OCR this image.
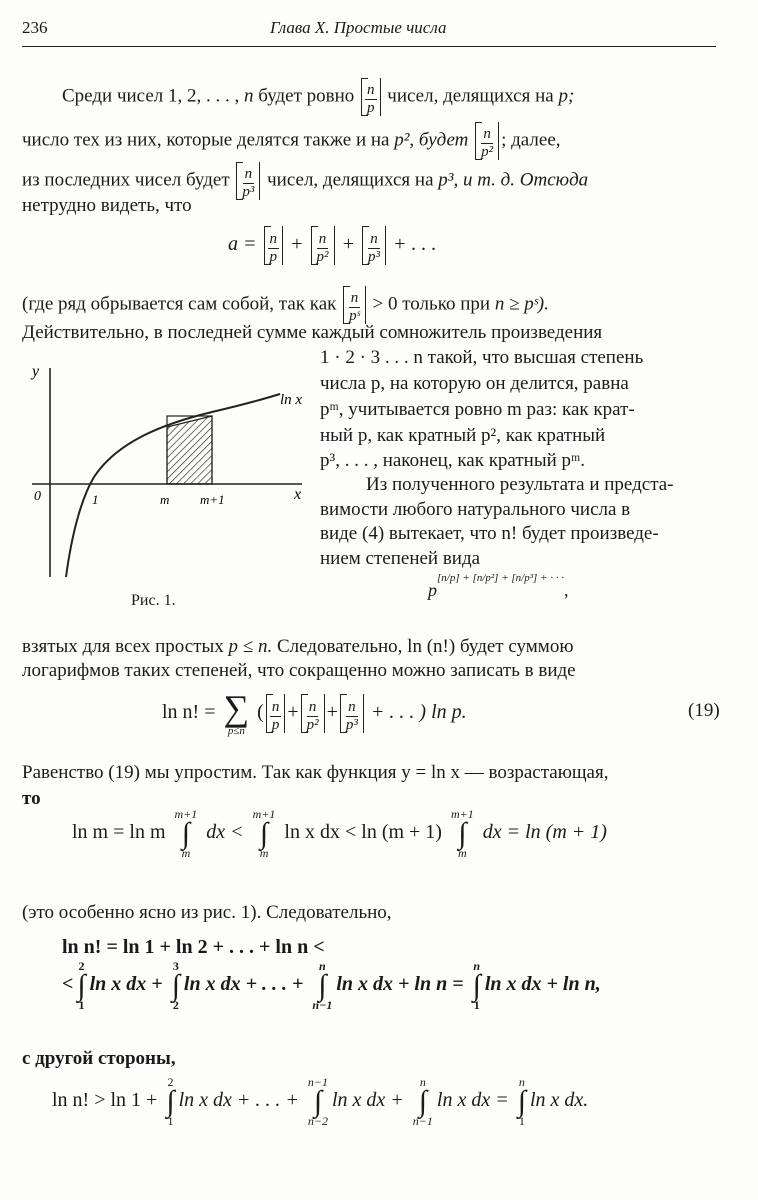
236	Глава X. Простые числа
Среди чисел 1, 2, . . . , n будет ровно $\frac{n}{p}$ чисел, делящихся на p;
число тех из них, которые делятся также и на p², будет $\frac{n}{\text{p²}}$ ; далее,
из последних чисел будет $\frac{n}{\text{p³}}$ чисел, делящихся на p³, и т. д. Отсюда
нетрудно видеть, что
$a = \frac{n}{p} + \frac{n}{\text{p²}} + \frac{n}{\text{p³}}$ + . . .
(где ряд обрывается сам собой, так как $\frac{n}{\text{pˢ}} > 0$ только при n ≥ pˢ).
Действительно, в последней сумме каждый сомножитель произведения
1 · 2 · 3 . . . n такой, что высшая степень
числа p, на которую он делится, равна
pᵐ, учитывается ровно m раз: как крат-
ный p, как кратный p², как кратный
p³, . . . , наконец, как кратный pᵐ.
Из полученного результата и предста-
вимости любого натурального числа в
виде (4) вытекает, что n! будет произведе-
нием степеней вида
y
x
ln x
0	1	m m+1
Рис. 1.
$p^{[n/p] + [n/p^2] + [n/p^3] + \cdot \cdot \cdot}$,
взятых для всех простых p ≤ n. Следовательно, ln (n!) будет суммою
логарифмов таких степеней, что сокращенно можно записать в виде
ln n! = ∑
p≤n
( $\frac{n}{p} + \frac{n}{\text{p²}} + \frac{n}{\text{p³}}$ + . . . ) ln p.	(19)
Равенство (19) мы упростим. Так как функция y = ln x — возрастающая,
то
ln m = ln m
m+1
∫
m
dx <
m+1
∫
m
ln x dx < ln (m + 1)
m+1
∫
m
dx = ln (m + 1)
(это особенно ясно из рис. 1). Следовательно,
ln n! = ln 1 + ln 2 + . . . + ln n <
<
2
∫
1
ln x dx +
3
∫
2
ln x dx + . . . +
n
∫
n−1
ln x dx + ln n =
n
∫
1
ln x dx + ln n,
с другой стороны,
ln n! > ln 1 +
2
∫
1
ln x dx + . . . +
n−1
∫
n−2
ln x dx +
n
∫
n−1
ln x dx =
n
∫
1
ln x dx.
